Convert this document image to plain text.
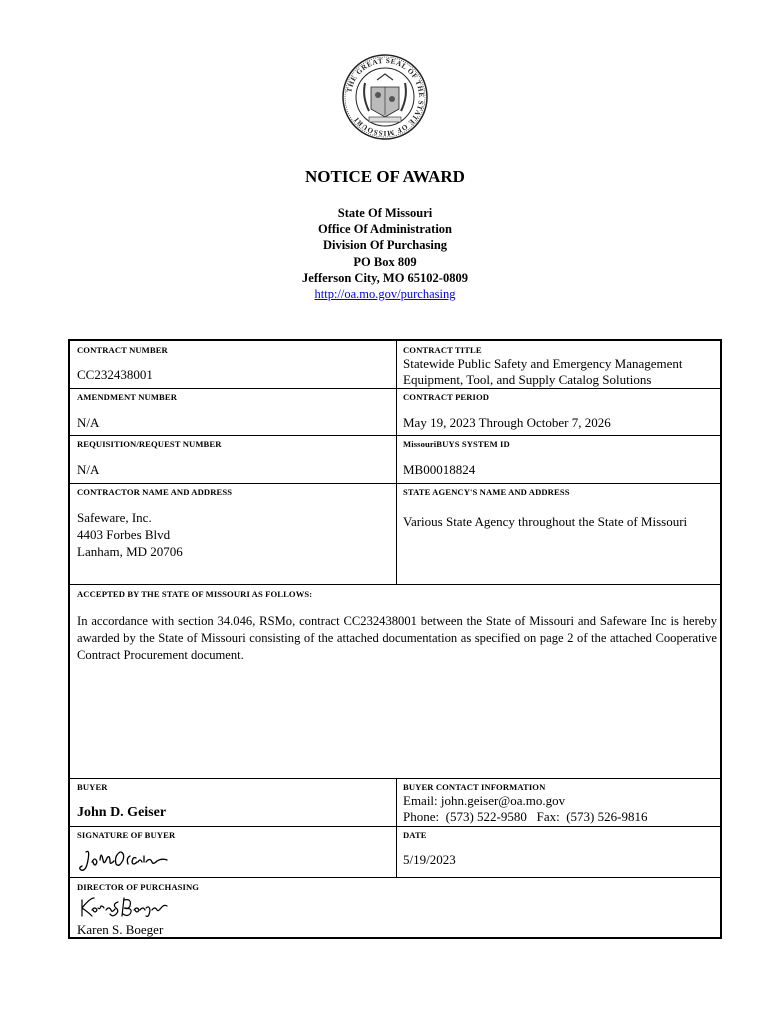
THE GREAT SEAL OF THE STATE OF MISSOURI
NOTICE OF AWARD
State Of Missouri
Office Of Administration
Division Of Purchasing
PO Box 809
Jefferson City, MO 65102-0809
http://oa.mo.gov/purchasing
CONTRACT NUMBER
CC232438001
CONTRACT TITLE
Statewide Public Safety and Emergency Management
Equipment, Tool, and Supply Catalog Solutions
AMENDMENT NUMBER
N/A
CONTRACT PERIOD
May 19, 2023 Through October 7, 2026
REQUISITION/REQUEST NUMBER
N/A
MissouriBUYS SYSTEM ID
MB00018824
CONTRACTOR NAME AND ADDRESS
Safeware, Inc.
4403 Forbes Blvd
Lanham, MD 20706
STATE AGENCY'S NAME AND ADDRESS
Various State Agency throughout the State of Missouri
ACCEPTED BY THE STATE OF MISSOURI AS FOLLOWS:
In accordance with section 34.046, RSMo, contract CC232438001 between the State of Missouri and Safeware Inc is hereby awarded by the State of Missouri consisting of the attached documentation as specified on page 2 of the attached Cooperative Contract Procurement document.
BUYER
John D. Geiser
BUYER CONTACT INFORMATION
Email: john.geiser@oa.mo.gov
Phone:  (573) 522-9580   Fax:  (573) 526-9816
SIGNATURE OF BUYER	DATE
5/19/2023
DIRECTOR OF PURCHASING
Karen S. Boeger
